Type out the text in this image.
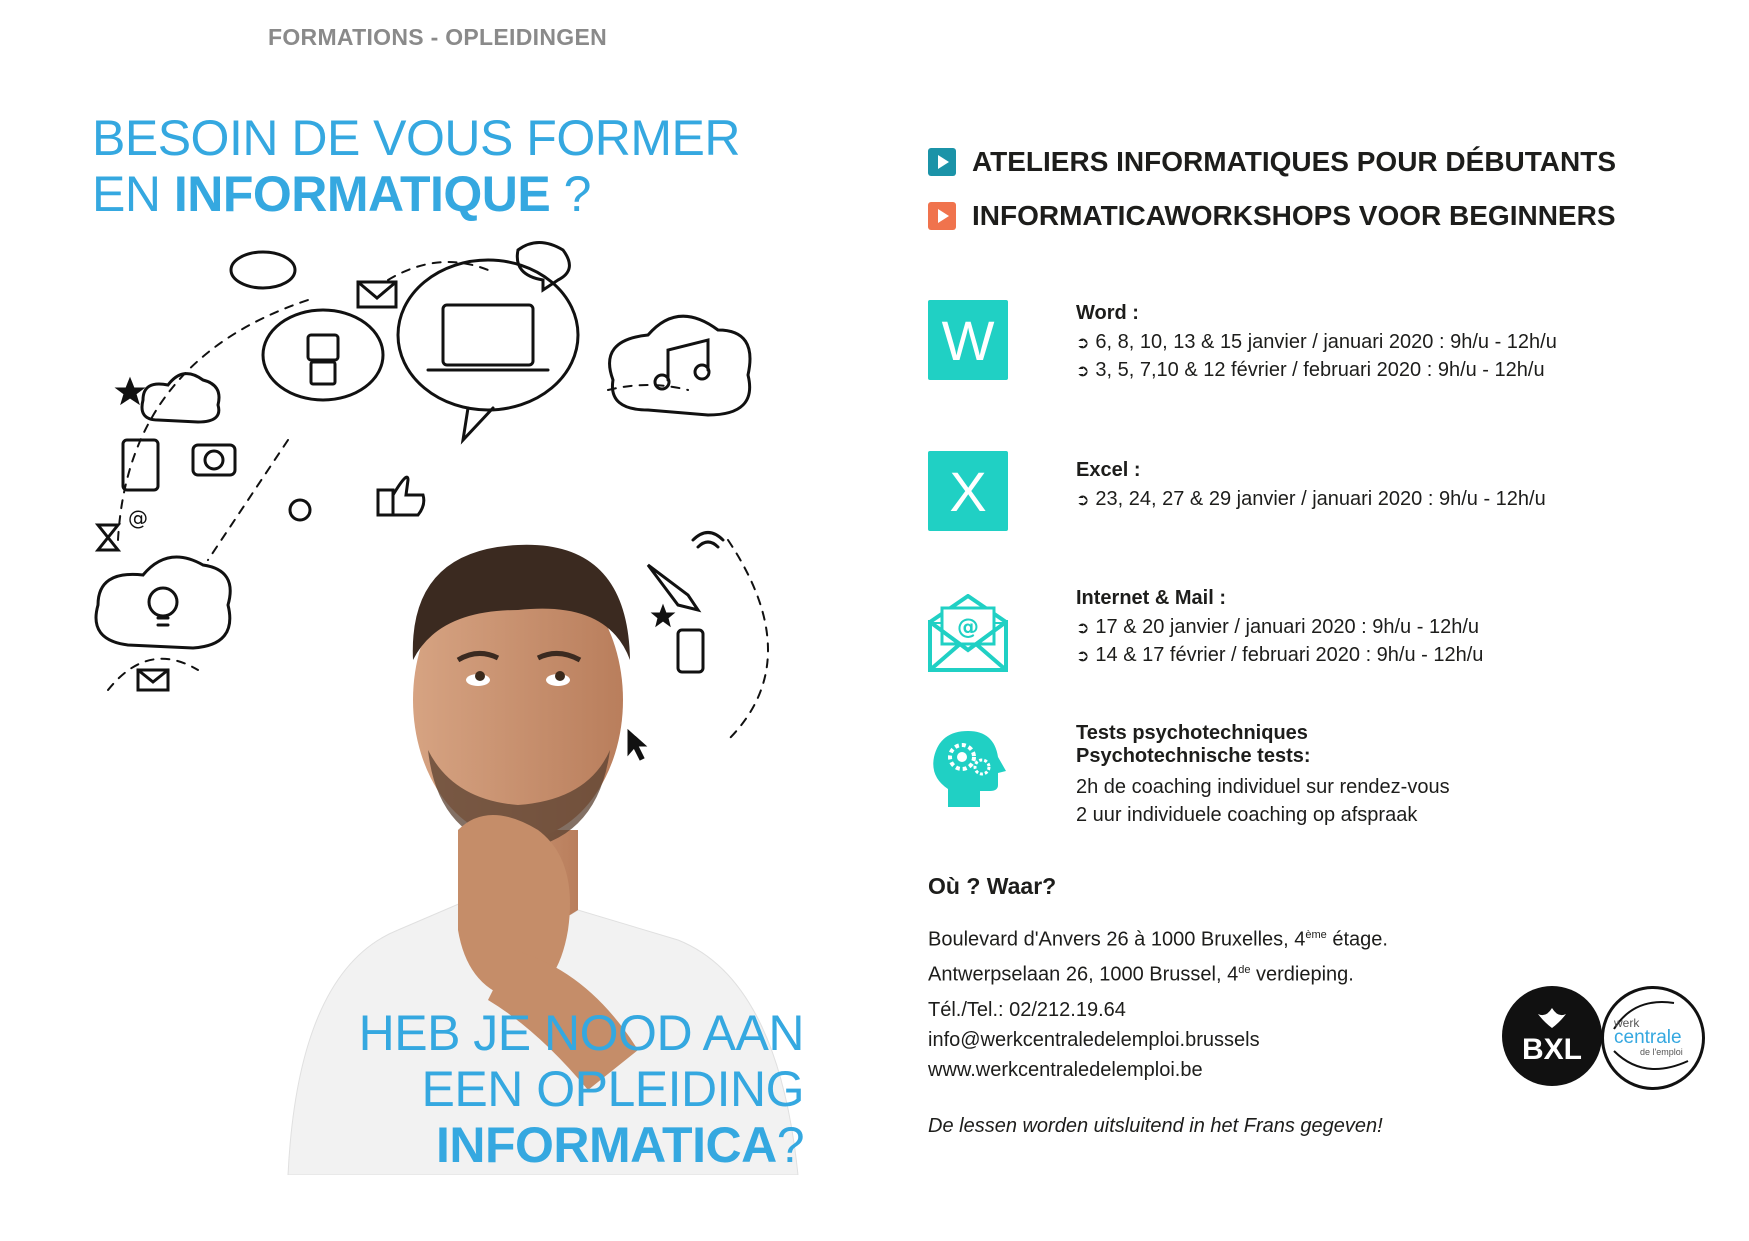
FORMATIONS - OPLEIDINGEN
BESOIN DE VOUS FORMER
EN INFORMATIQUE ?
@
HEB JE NOOD AAN
EEN OPLEIDING INFORMATICA?
ATELIERS INFORMATIQUES POUR DÉBUTANTS
INFORMATICAWORKSHOPS VOOR BEGINNERS
W	Word :
➲ 6, 8, 10, 13 & 15 janvier / januari 2020 : 9h/u - 12h/u
➲ 3, 5, 7,10 & 12 février / februari 2020 : 9h/u - 12h/u
X	Excel :
➲ 23, 24, 27 & 29 janvier / januari 2020 : 9h/u - 12h/u
@
Internet & Mail :
➲ 17 & 20 janvier / januari 2020 : 9h/u - 12h/u
➲ 14 & 17 février / februari 2020 : 9h/u - 12h/u
Tests psychotechniques
Psychotechnische tests:
2h de coaching individuel sur rendez-vous
2 uur individuele coaching op afspraak
Où ? Waar?
Boulevard d'Anvers 26 à 1000 Bruxelles, 4ème étage.
Antwerpselaan 26, 1000 Brussel, 4de verdieping.
Tél./Tel.: 02/212.19.64
info@werkcentraledelemploi.brussels
www.werkcentraledelemploi.be
De lessen worden uitsluitend in het Frans gegeven!
BXL
werk
centrale
de l'emploi
